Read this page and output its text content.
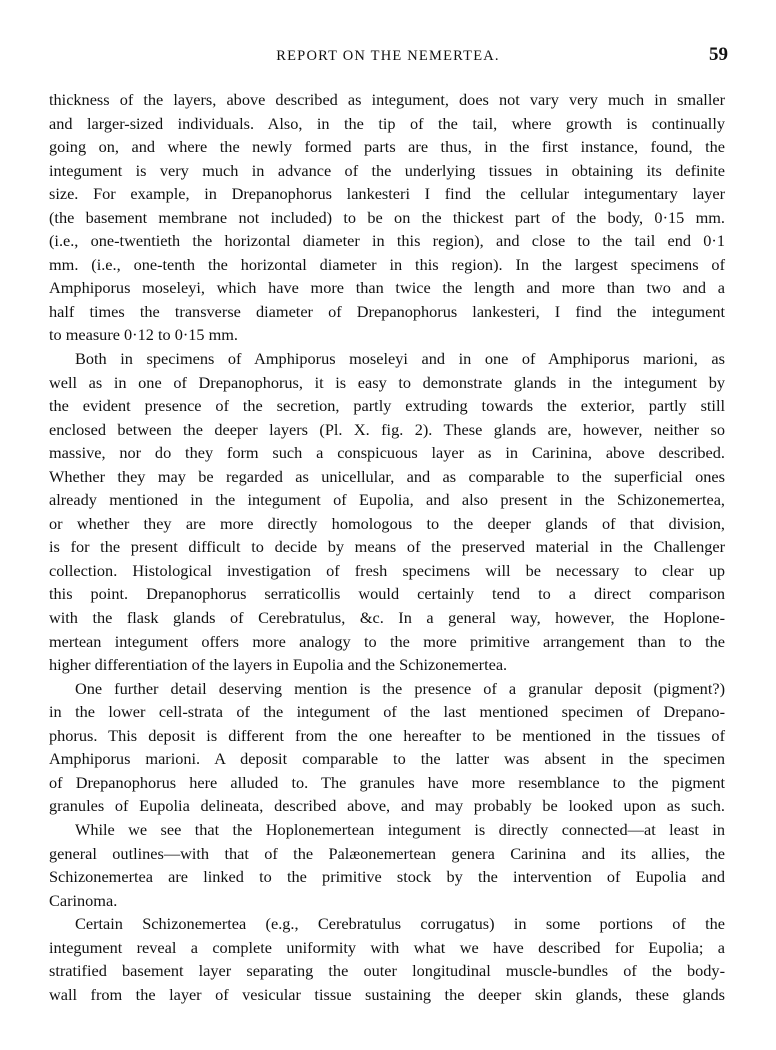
REPORT ON THE NEMERTEA.	59
thickness of the layers, above described as integument, does not vary very much in smaller
and larger-sized individuals. Also, in the tip of the tail, where growth is continually
going on, and where the newly formed parts are thus, in the first instance, found, the
integument is very much in advance of the underlying tissues in obtaining its definite
size. For example, in Drepanophorus lankesteri I find the cellular integumentary layer
(the basement membrane not included) to be on the thickest part of the body, 0·15 mm.
(i.e., one-twentieth the horizontal diameter in this region), and close to the tail end 0·1
mm. (i.e., one-tenth the horizontal diameter in this region). In the largest specimens of
Amphiporus moseleyi, which have more than twice the length and more than two and a
half times the transverse diameter of Drepanophorus lankesteri, I find the integument
to measure 0·12 to 0·15 mm.
Both in specimens of Amphiporus moseleyi and in one of Amphiporus marioni, as
well as in one of Drepanophorus, it is easy to demonstrate glands in the integument by
the evident presence of the secretion, partly extruding towards the exterior, partly still
enclosed between the deeper layers (Pl. X. fig. 2). These glands are, however, neither so
massive, nor do they form such a conspicuous layer as in Carinina, above described.
Whether they may be regarded as unicellular, and as comparable to the superficial ones
already mentioned in the integument of Eupolia, and also present in the Schizonemertea,
or whether they are more directly homologous to the deeper glands of that division,
is for the present difficult to decide by means of the preserved material in the Challenger
collection. Histological investigation of fresh specimens will be necessary to clear up
this point. Drepanophorus serraticollis would certainly tend to a direct comparison
with the flask glands of Cerebratulus, &c. In a general way, however, the Hoplone-
mertean integument offers more analogy to the more primitive arrangement than to the
higher differentiation of the layers in Eupolia and the Schizonemertea.
One further detail deserving mention is the presence of a granular deposit (pigment?)
in the lower cell-strata of the integument of the last mentioned specimen of Drepano-
phorus. This deposit is different from the one hereafter to be mentioned in the tissues of
Amphiporus marioni. A deposit comparable to the latter was absent in the specimen
of Drepanophorus here alluded to. The granules have more resemblance to the pigment
granules of Eupolia delineata, described above, and may probably be looked upon as such.
While we see that the Hoplonemertean integument is directly connected—at least in
general outlines—with that of the Palæonemertean genera Carinina and its allies, the
Schizonemertea are linked to the primitive stock by the intervention of Eupolia and
Carinoma.
Certain Schizonemertea (e.g., Cerebratulus corrugatus) in some portions of the
integument reveal a complete uniformity with what we have described for Eupolia; a
stratified basement layer separating the outer longitudinal muscle-bundles of the body-
wall from the layer of vesicular tissue sustaining the deeper skin glands, these glands
